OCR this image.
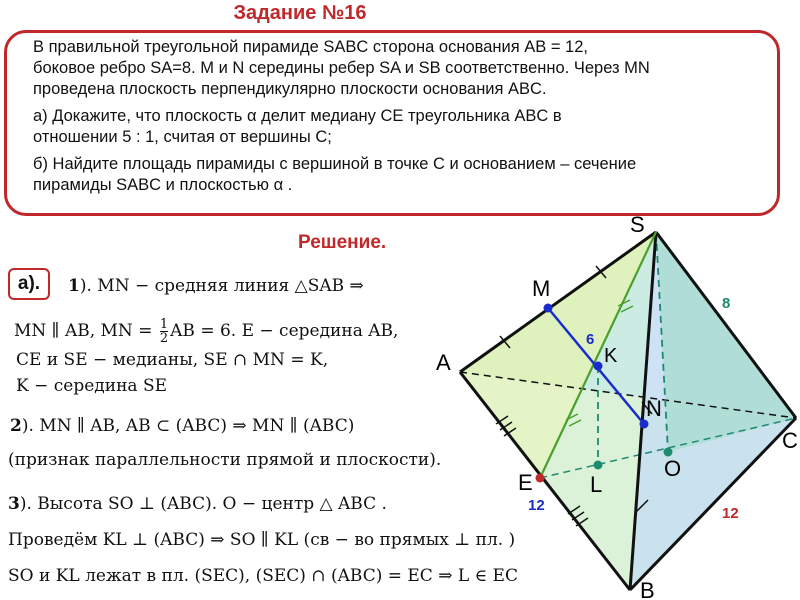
Задание №16

В правильной треугольной пирамиде SABC сторона основания AB = 12,

боковое ребро SA=8. M и N середины ребер SA и SB соответственно. Через MN

проведена плоскость перпендикулярно плоскости основания ABC.

а) Докажите, что плоскость α делит медиану CE треугольника ABC в

отношении 5 : 1, считая от вершины C;

б) Найдите площадь пирамиды с вершиной в точке C и основанием – сечение

пирамиды SABC и плоскостью α .

Решение.
а).	1). MN − средняя линия △SAB ⇒
MN ∥ AB, MN = $\frac{1}{2}$ AB = 6. E − середина AB,
CE и SE − медианы, SE ∩ MN = K,
K − середина SE
2). MN ∥ AB, AB ⊂ (ABC) ⇒ MN ∥ (ABC)
(признак параллельности прямой и плоскости).
3). Высота SO ⊥ (ABC). O − центр △ ABC .
Проведём KL ⊥ (ABC) ⇒ SO ∥ KL (св − во прямых ⊥ пл. )
SO и KL лежат в пл. (SEC), (SEC) ∩ (ABC) = EC ⇒ L ∈ EC
S
A
B
C
M
N
K
E	L
O
8
6
12	12
